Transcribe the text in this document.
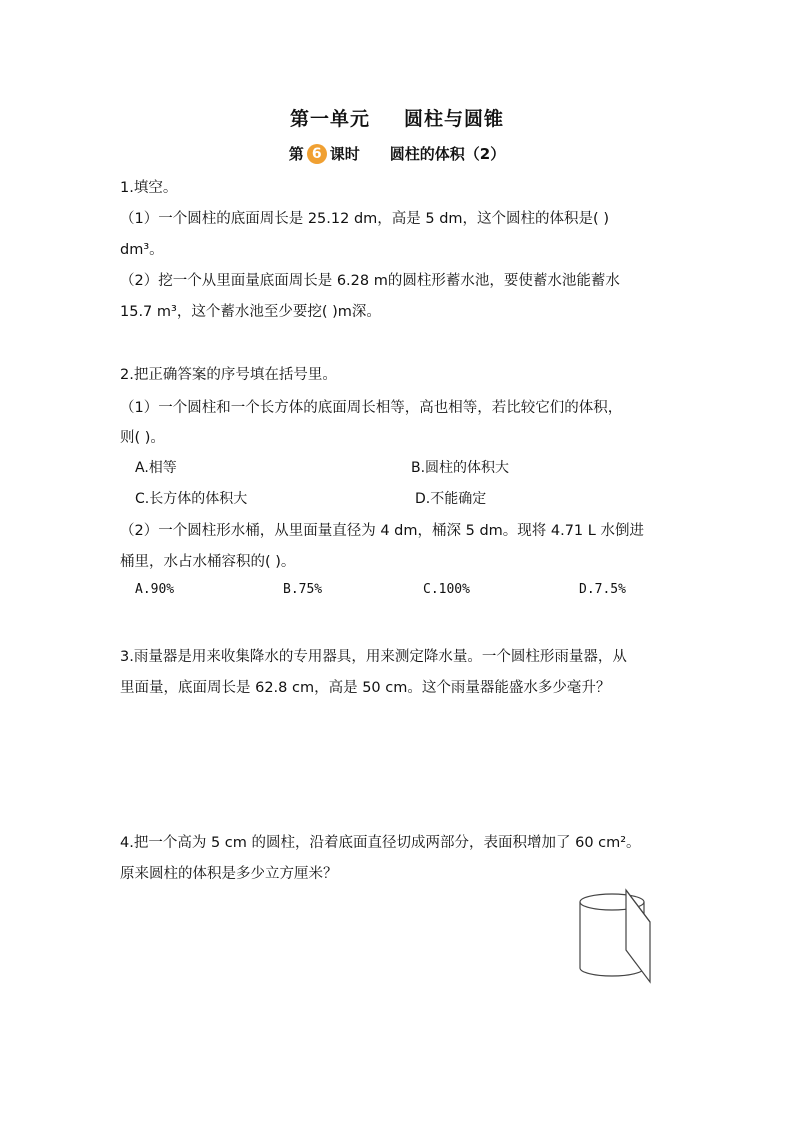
第一单元 圆柱与圆锥
第 6 课时 圆柱的体积（2）
1.填空。
（1）一个圆柱的底面周长是 25.12 dm，高是 5 dm，这个圆柱的体积是( )
dm³。
（2）挖一个从里面量底面周长是 6.28 m的圆柱形蓄水池，要使蓄水池能蓄水
15.7 m³，这个蓄水池至少要挖( )m深。
2.把正确答案的序号填在括号里。
（1）一个圆柱和一个长方体的底面周长相等，高也相等，若比较它们的体积，
则( )。
A.相等	B.圆柱的体积大
C.长方体的体积大	D.不能确定
（2）一个圆柱形水桶，从里面量直径为 4 dm，桶深 5 dm。现将 4.71 L 水倒进
桶里，水占水桶容积的( )。
A.90%	B.75%	C.100%	D.7.5%
3.雨量器是用来收集降水的专用器具，用来测定降水量。一个圆柱形雨量器，从
里面量，底面周长是 62.8 cm，高是 50 cm。这个雨量器能盛水多少毫升？
4.把一个高为 5 cm 的圆柱，沿着底面直径切成两部分，表面积增加了 60 cm²。
原来圆柱的体积是多少立方厘米？
